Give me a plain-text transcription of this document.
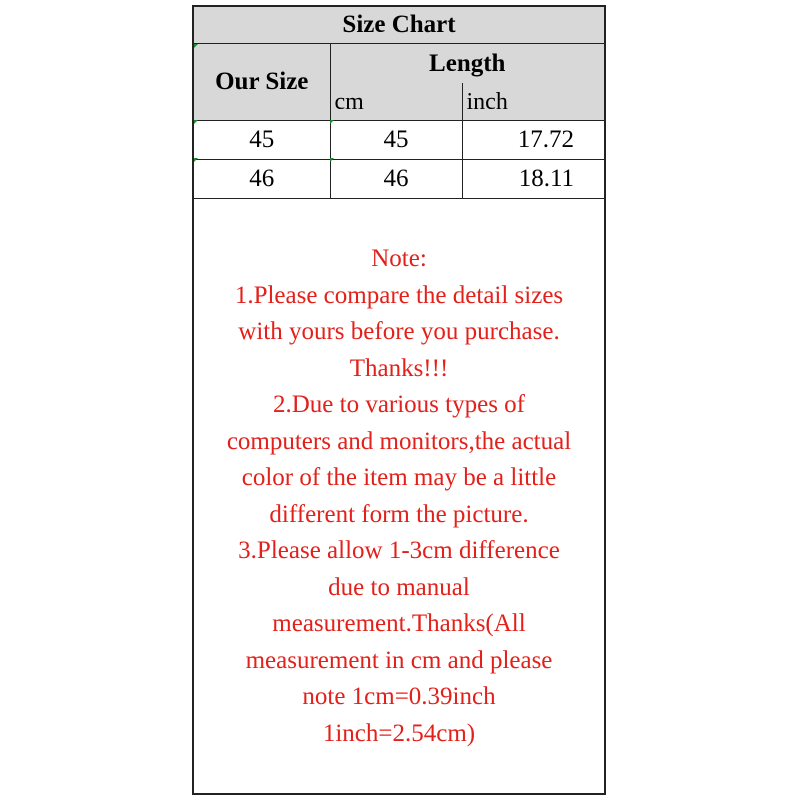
Size Chart		
Our Size	Length	
	cm	inch
45	45	17.72
46	46	18.11
Note:
1.Please compare the detail sizes
with yours before you purchase.
Thanks!!!
2.Due to various types of
computers and monitors,the actual
color of the item may be a little
different form the picture.
3.Please allow 1-3cm difference
due to manual
measurement.Thanks(All
measurement in cm and please
note 1cm=0.39inch
1inch=2.54cm)
